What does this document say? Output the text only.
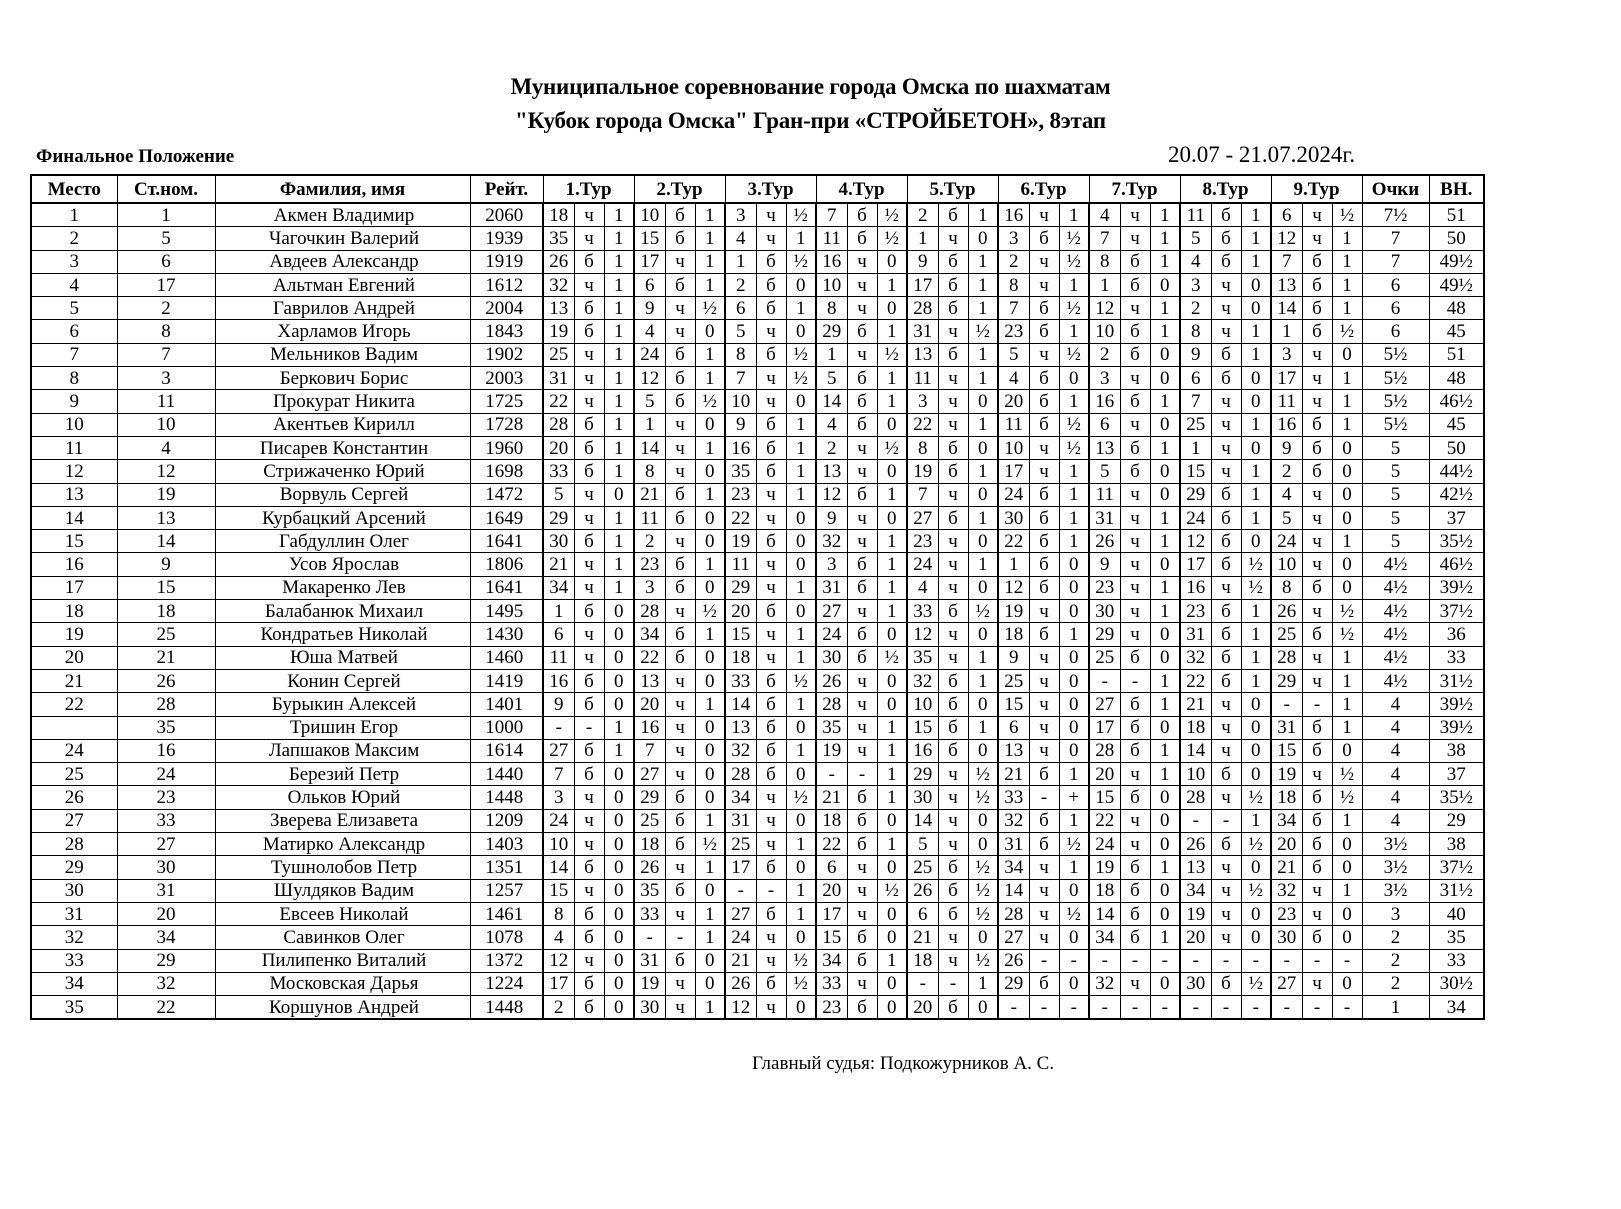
Муниципальное соревнование города Омска по шахматам
"Кубок города Омска" Гран-при «СТРОЙБЕТОН», 8этап
Финальное Положение	20.07 - 21.07.2024г.
Место	Ст.ном.	Фамилия, имя	Рейт.	1.Тур			2.Тур			3.Тур			4.Тур			5.Тур			6.Тур			7.Тур			8.Тур			9.Тур			Очки	ВН.
1	1	Акмен Владимир	2060	18	ч	1	10	б	1	3	ч	½	7	б	½	2	б	1	16	ч	1	4	ч	1	11	б	1	6	ч	½	7½	51
2	5	Чагочкин Валерий	1939	35	ч	1	15	б	1	4	ч	1	11	б	½	1	ч	0	3	б	½	7	ч	1	5	б	1	12	ч	1	7	50
3	6	Авдеев Александр	1919	26	б	1	17	ч	1	1	б	½	16	ч	0	9	б	1	2	ч	½	8	б	1	4	б	1	7	б	1	7	49½
4	17	Альтман Евгений	1612	32	ч	1	6	б	1	2	б	0	10	ч	1	17	б	1	8	ч	1	1	б	0	3	ч	0	13	б	1	6	49½
5	2	Гаврилов Андрей	2004	13	б	1	9	ч	½	6	б	1	8	ч	0	28	б	1	7	б	½	12	ч	1	2	ч	0	14	б	1	6	48
6	8	Харламов Игорь	1843	19	б	1	4	ч	0	5	ч	0	29	б	1	31	ч	½	23	б	1	10	б	1	8	ч	1	1	б	½	6	45
7	7	Мельников Вадим	1902	25	ч	1	24	б	1	8	б	½	1	ч	½	13	б	1	5	ч	½	2	б	0	9	б	1	3	ч	0	5½	51
8	3	Беркович Борис	2003	31	ч	1	12	б	1	7	ч	½	5	б	1	11	ч	1	4	б	0	3	ч	0	6	б	0	17	ч	1	5½	48
9	11	Прокурат Никита	1725	22	ч	1	5	б	½	10	ч	0	14	б	1	3	ч	0	20	б	1	16	б	1	7	ч	0	11	ч	1	5½	46½
10	10	Акентьев Кирилл	1728	28	б	1	1	ч	0	9	б	1	4	б	0	22	ч	1	11	б	½	6	ч	0	25	ч	1	16	б	1	5½	45
11	4	Писарев Константин	1960	20	б	1	14	ч	1	16	б	1	2	ч	½	8	б	0	10	ч	½	13	б	1	1	ч	0	9	б	0	5	50
12	12	Стрижаченко Юрий	1698	33	б	1	8	ч	0	35	б	1	13	ч	0	19	б	1	17	ч	1	5	б	0	15	ч	1	2	б	0	5	44½
13	19	Ворвуль Сергей	1472	5	ч	0	21	б	1	23	ч	1	12	б	1	7	ч	0	24	б	1	11	ч	0	29	б	1	4	ч	0	5	42½
14	13	Курбацкий Арсений	1649	29	ч	1	11	б	0	22	ч	0	9	ч	0	27	б	1	30	б	1	31	ч	1	24	б	1	5	ч	0	5	37
15	14	Габдуллин Олег	1641	30	б	1	2	ч	0	19	б	0	32	ч	1	23	ч	0	22	б	1	26	ч	1	12	б	0	24	ч	1	5	35½
16	9	Усов Ярослав	1806	21	ч	1	23	б	1	11	ч	0	3	б	1	24	ч	1	1	б	0	9	ч	0	17	б	½	10	ч	0	4½	46½
17	15	Макаренко Лев	1641	34	ч	1	3	б	0	29	ч	1	31	б	1	4	ч	0	12	б	0	23	ч	1	16	ч	½	8	б	0	4½	39½
18	18	Балабанюк Михаил	1495	1	б	0	28	ч	½	20	б	0	27	ч	1	33	б	½	19	ч	0	30	ч	1	23	б	1	26	ч	½	4½	37½
19	25	Кондратьев Николай	1430	6	ч	0	34	б	1	15	ч	1	24	б	0	12	ч	0	18	б	1	29	ч	0	31	б	1	25	б	½	4½	36
20	21	Юша Матвей	1460	11	ч	0	22	б	0	18	ч	1	30	б	½	35	ч	1	9	ч	0	25	б	0	32	б	1	28	ч	1	4½	33
21	26	Конин Сергей	1419	16	б	0	13	ч	0	33	б	½	26	ч	0	32	б	1	25	ч	0	-	-	1	22	б	1	29	ч	1	4½	31½
22	28	Бурыкин Алексей	1401	9	б	0	20	ч	1	14	б	1	28	ч	0	10	б	0	15	ч	0	27	б	1	21	ч	0	-	-	1	4	39½
	35	Тришин Егор	1000	-	-	1	16	ч	0	13	б	0	35	ч	1	15	б	1	6	ч	0	17	б	0	18	ч	0	31	б	1	4	39½
24	16	Лапшаков Максим	1614	27	б	1	7	ч	0	32	б	1	19	ч	1	16	б	0	13	ч	0	28	б	1	14	ч	0	15	б	0	4	38
25	24	Березий Петр	1440	7	б	0	27	ч	0	28	б	0	-	-	1	29	ч	½	21	б	1	20	ч	1	10	б	0	19	ч	½	4	37
26	23	Ольков Юрий	1448	3	ч	0	29	б	0	34	ч	½	21	б	1	30	ч	½	33	-	+	15	б	0	28	ч	½	18	б	½	4	35½
27	33	Зверева Елизавета	1209	24	ч	0	25	б	1	31	ч	0	18	б	0	14	ч	0	32	б	1	22	ч	0	-	-	1	34	б	1	4	29
28	27	Матирко Александр	1403	10	ч	0	18	б	½	25	ч	1	22	б	1	5	ч	0	31	б	½	24	ч	0	26	б	½	20	б	0	3½	38
29	30	Тушнолобов Петр	1351	14	б	0	26	ч	1	17	б	0	6	ч	0	25	б	½	34	ч	1	19	б	1	13	ч	0	21	б	0	3½	37½
30	31	Шулдяков Вадим	1257	15	ч	0	35	б	0	-	-	1	20	ч	½	26	б	½	14	ч	0	18	б	0	34	ч	½	32	ч	1	3½	31½
31	20	Евсеев Николай	1461	8	б	0	33	ч	1	27	б	1	17	ч	0	6	б	½	28	ч	½	14	б	0	19	ч	0	23	ч	0	3	40
32	34	Савинков Олег	1078	4	б	0	-	-	1	24	ч	0	15	б	0	21	ч	0	27	ч	0	34	б	1	20	ч	0	30	б	0	2	35
33	29	Пилипенко Виталий	1372	12	ч	0	31	б	0	21	ч	½	34	б	1	18	ч	½	26	-	-	-	-	-	-	-	-	-	-	-	2	33
34	32	Московская Дарья	1224	17	б	0	19	ч	0	26	б	½	33	ч	0	-	-	1	29	б	0	32	ч	0	30	б	½	27	ч	0	2	30½
35	22	Коршунов Андрей	1448	2	б	0	30	ч	1	12	ч	0	23	б	0	20	б	0	-	-	-	-	-	-	-	-	-	-	-	-	1	34
Главный судья: Подкожурников А. С.
